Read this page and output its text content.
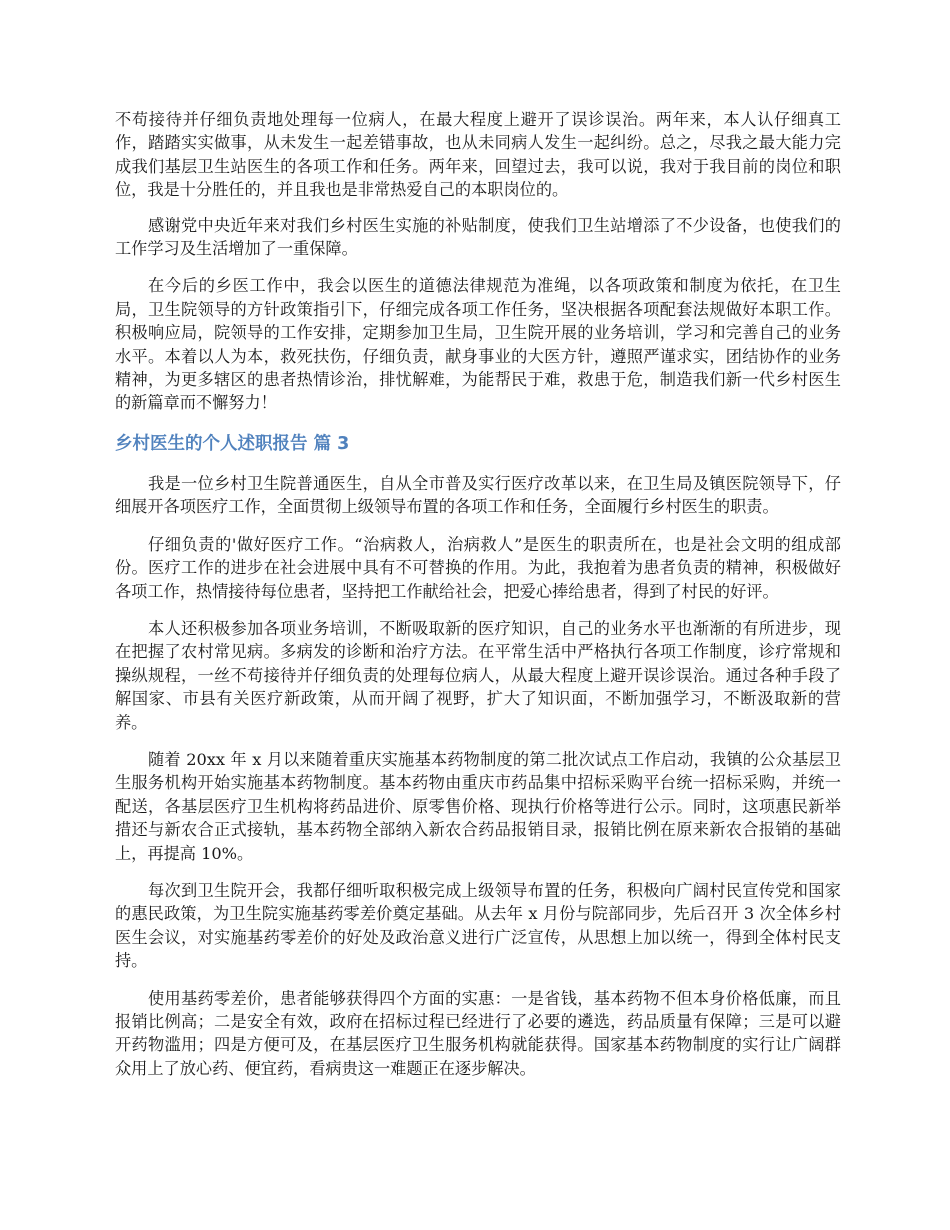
不苟接待并仔细负责地处理每一位病人，在最大程度上避开了误诊误治。两年来，本人认仔细真工作，踏踏实实做事，从未发生一起差错事故，也从未同病人发生一起纠纷。总之，尽我之最大能力完成我们基层卫生站医生的各项工作和任务。两年来，回望过去，我可以说，我对于我目前的岗位和职位，我是十分胜任的，并且我也是非常热爱自己的本职岗位的。

感谢党中央近年来对我们乡村医生实施的补贴制度，使我们卫生站增添了不少设备，也使我们的工作学习及生活增加了一重保障。

在今后的乡医工作中，我会以医生的道德法律规范为准绳，以各项政策和制度为依托，在卫生局，卫生院领导的方针政策指引下，仔细完成各项工作任务，坚决根据各项配套法规做好本职工作。积极响应局，院领导的工作安排，定期参加卫生局，卫生院开展的业务培训，学习和完善自己的业务水平。本着以人为本，救死扶伤，仔细负责，献身事业的大医方针，遵照严谨求实，团结协作的业务精神，为更多辖区的患者热情诊治，排忧解难，为能帮民于难，救患于危，制造我们新一代乡村医生的新篇章而不懈努力！

乡村医生的个人述职报告 篇 3

我是一位乡村卫生院普通医生，自从全市普及实行医疗改革以来，在卫生局及镇医院领导下，仔细展开各项医疗工作，全面贯彻上级领导布置的各项工作和任务，全面履行乡村医生的职责。

仔细负责的'做好医疗工作。“治病救人，治病救人”是医生的职责所在，也是社会文明的组成部份。医疗工作的进步在社会进展中具有不可替换的作用。为此，我抱着为患者负责的精神，积极做好各项工作，热情接待每位患者，坚持把工作献给社会，把爱心捧给患者，得到了村民的好评。

本人还积极参加各项业务培训，不断吸取新的医疗知识，自己的业务水平也渐渐的有所进步，现在把握了农村常见病。多病发的诊断和治疗方法。在平常生活中严格执行各项工作制度，诊疗常规和操纵规程，一丝不苟接待并仔细负责的处理每位病人，从最大程度上避开误诊误治。通过各种手段了解国家、市县有关医疗新政策，从而开阔了视野，扩大了知识面，不断加强学习，不断汲取新的营养。

随着 20xx 年 x 月以来随着重庆实施基本药物制度的第二批次试点工作启动，我镇的公众基层卫生服务机构开始实施基本药物制度。基本药物由重庆市药品集中招标采购平台统一招标采购，并统一配送，各基层医疗卫生机构将药品进价、原零售价格、现执行价格等进行公示。同时，这项惠民新举措还与新农合正式接轨，基本药物全部纳入新农合药品报销目录，报销比例在原来新农合报销的基础上，再提高 10%。

每次到卫生院开会，我都仔细听取积极完成上级领导布置的任务，积极向广阔村民宣传党和国家的惠民政策，为卫生院实施基药零差价奠定基础。从去年 x 月份与院部同步，先后召开 3 次全体乡村医生会议，对实施基药零差价的好处及政治意义进行广泛宣传，从思想上加以统一，得到全体村民支持。

使用基药零差价，患者能够获得四个方面的实惠：一是省钱，基本药物不但本身价格低廉，而且报销比例高；二是安全有效，政府在招标过程已经进行了必要的遴选，药品质量有保障；三是可以避开药物滥用；四是方便可及，在基层医疗卫生服务机构就能获得。国家基本药物制度的实行让广阔群众用上了放心药、便宜药，看病贵这一难题正在逐步解决。
